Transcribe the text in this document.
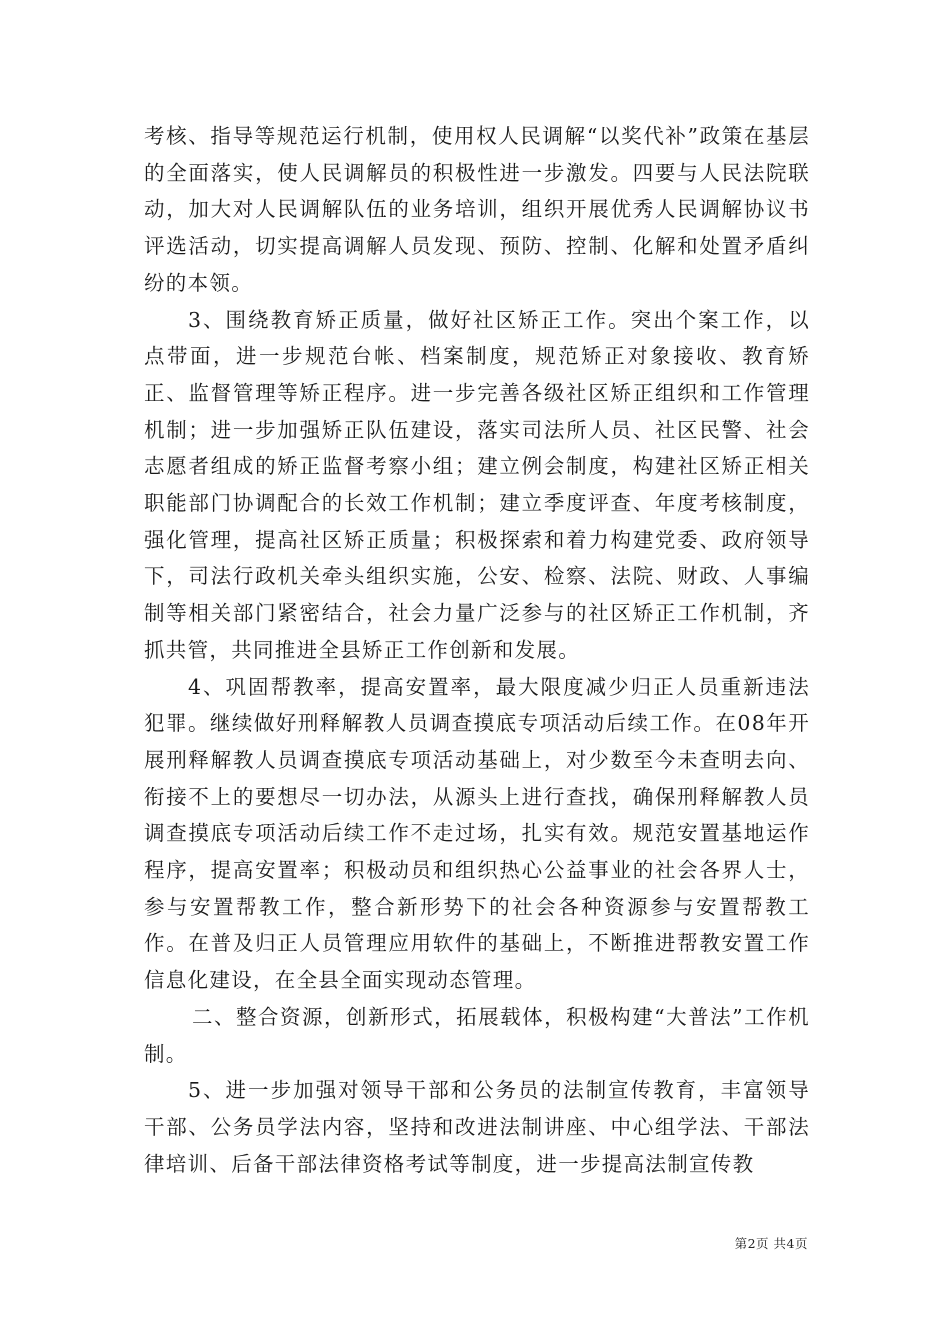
考核、指导等规范运行机制，使用权人民调解“以奖代补”政策在基层的全面落实，使人民调解员的积极性进一步激发。四要与人民法院联动，加大对人民调解队伍的业务培训，组织开展优秀人民调解协议书评选活动，切实提高调解人员发现、预防、控制、化解和处置矛盾纠纷的本领。

3、围绕教育矫正质量，做好社区矫正工作。突出个案工作，以点带面，进一步规范台帐、档案制度，规范矫正对象接收、教育矫正、监督管理等矫正程序。进一步完善各级社区矫正组织和工作管理机制；进一步加强矫正队伍建设，落实司法所人员、社区民警、社会志愿者组成的矫正监督考察小组；建立例会制度，构建社区矫正相关职能部门协调配合的长效工作机制；建立季度评查、年度考核制度，强化管理，提高社区矫正质量；积极探索和着力构建党委、政府领导下，司法行政机关牵头组织实施，公安、检察、法院、财政、人事编制等相关部门紧密结合，社会力量广泛参与的社区矫正工作机制，齐抓共管，共同推进全县矫正工作创新和发展。

4、巩固帮教率，提高安置率，最大限度减少归正人员重新违法犯罪。继续做好刑释解教人员调查摸底专项活动后续工作。在08年开展刑释解教人员调查摸底专项活动基础上，对少数至今未查明去向、衔接不上的要想尽一切办法，从源头上进行查找，确保刑释解教人员调查摸底专项活动后续工作不走过场，扎实有效。规范安置基地运作程序，提高安置率；积极动员和组织热心公益事业的社会各界人士，参与安置帮教工作，整合新形势下的社会各种资源参与安置帮教工作。在普及归正人员管理应用软件的基础上，不断推进帮教安置工作信息化建设，在全县全面实现动态管理。

二、整合资源，创新形式，拓展载体，积极构建“大普法”工作机制。

5、进一步加强对领导干部和公务员的法制宣传教育，丰富领导干部、公务员学法内容，坚持和改进法制讲座、中心组学法、干部法律培训、后备干部法律资格考试等制度，进一步提高法制宣传教

第2页 共4页
